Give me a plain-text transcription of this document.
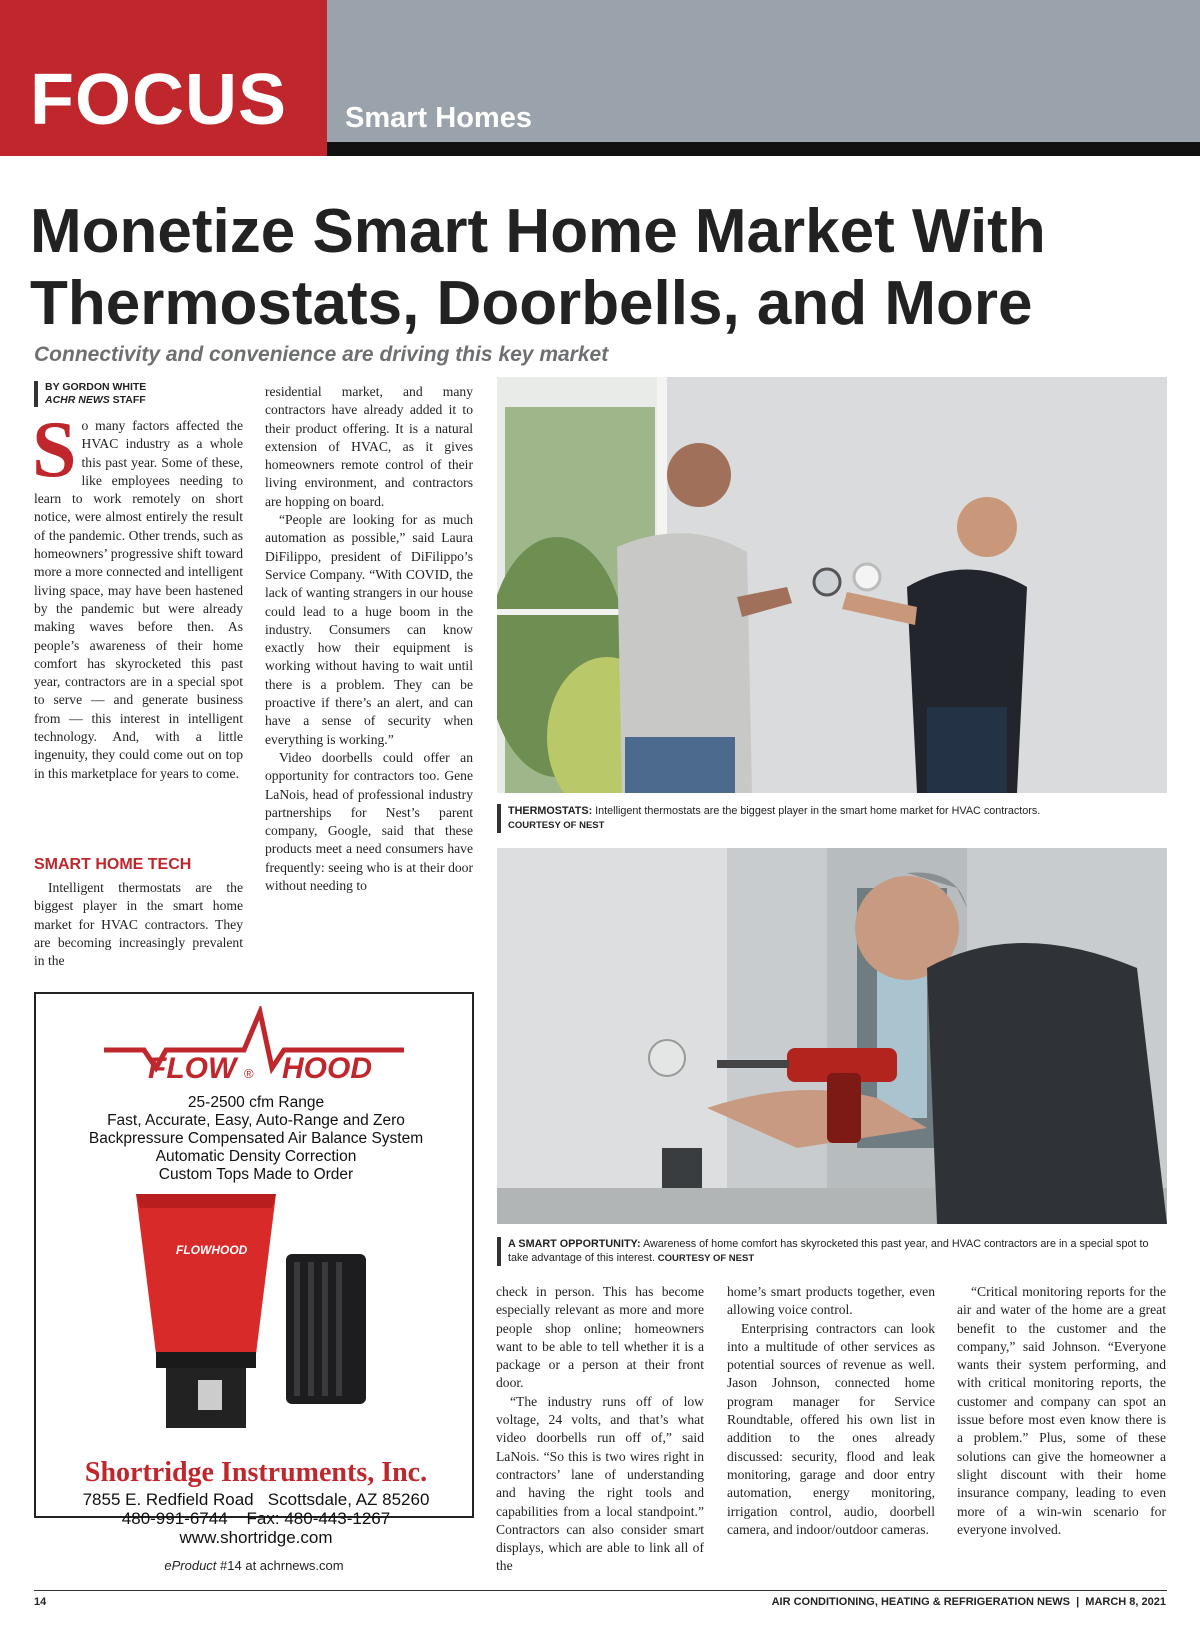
FOCUS Smart Homes
Monetize Smart Home Market With
Thermostats, Doorbells, and More
Connectivity and convenience are driving this key market
BY GORDON WHITE
ACHR NEWS STAFF
S o many factors affected the HVAC industry as a whole this past year. Some of these, like employees needing to learn to work remotely on short notice, were almost entirely the result of the pandemic. Other trends, such as homeowners’ progressive shift toward more a more connected and intelligent living space, may have been hastened by the pandemic but were already making waves before then. As people’s awareness of their home comfort has skyrocketed this past year, contractors are in a special spot to serve — and generate business from — this interest in intelligent technology. And, with a little ingenuity, they could come out on top in this marketplace for years to come.

SMART HOME TECH

Intelligent thermostats are the biggest player in the smart home market for HVAC contractors. They are becoming increasingly prevalent in the

residential market, and many contractors have already added it to their product offering. It is a natural extension of HVAC, as it gives homeowners remote control of their living environment, and contractors are hopping on board.

“People are looking for as much automation as possible,” said Laura DiFilippo, president of DiFilippo’s Service Company. “With COVID, the lack of wanting strangers in our house could lead to a huge boom in the industry. Consumers can know exactly how their equipment is working without having to wait until there is a problem. They can be proactive if there’s an alert, and can have a sense of security when everything is working.”

Video doorbells could offer an opportunity for contractors too. Gene LaNois, head of professional industry partnerships for Nest’s parent company, Google, said that these products meet a need consumers have frequently: seeing who is at their door without needing to

THERMOSTATS: Intelligent thermostats are the biggest player in the smart home market for HVAC contractors.
COURTESY OF NEST
A SMART OPPORTUNITY: Awareness of home comfort has skyrocketed this past year, and HVAC contractors are in a special spot to take advantage of this interest. COURTESY OF NEST

check in person. This has become especially relevant as more and more people shop online; homeowners want to be able to tell whether it is a package or a person at their front door.

“The industry runs off of low voltage, 24 volts, and that’s what video doorbells run off of,” said LaNois. “So this is two wires right in contractors’ lane of understanding and having the right tools and capabilities from a local standpoint.” Contractors can also consider smart displays, which are able to link all of the

home’s smart products together, even allowing voice control.

Enterprising contractors can look into a multitude of other services as potential sources of revenue as well. Jason Johnson, connected home program manager for Service Roundtable, offered his own list in addition to the ones already discussed: security, flood and leak monitoring, garage and door entry automation, energy monitoring, irrigation control, audio, doorbell camera, and indoor/outdoor cameras.

“Critical monitoring reports for the air and water of the home are a great benefit to the customer and the company,” said Johnson. “Everyone wants their system performing, and with critical monitoring reports, the customer and company can spot an issue before most even know there is a problem.” Plus, some of these solutions can give the homeowner a slight discount with their home insurance company, leading to even more of a win-win scenario for everyone involved.

FLOW ® HOOD
25-2500 cfm Range
Fast, Accurate, Easy, Auto-Range and Zero
Backpressure Compensated Air Balance System
Automatic Density Correction
Custom Tops Made to Order
FLOWHOOD
Shortridge Instruments, Inc.
7855 E. Redfield Road   Scottsdale, AZ 85260
480-991-6744    Fax: 480-443-1267
www.shortridge.com
eProduct #14 at achrnews.com
14	AIR CONDITIONING, HEATING & REFRIGERATION NEWS  |  MARCH 8, 2021
